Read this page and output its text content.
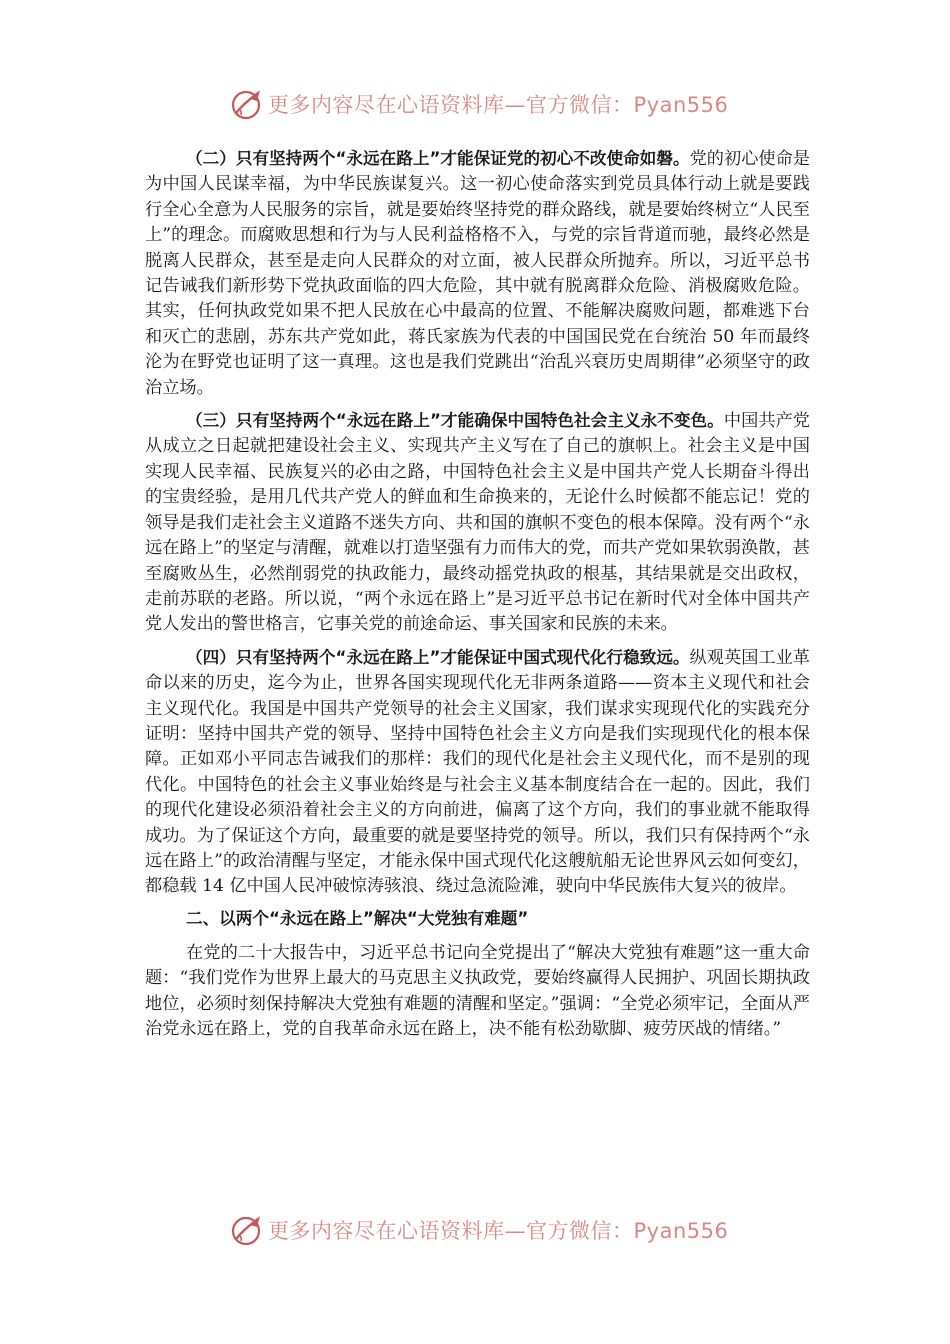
更多内容尽在心语资料库—官方微信：Pyan556

（二）只有坚持两个“永远在路上”才能保证党的初心不改使命如磐。党的初心使命是为中国人民谋幸福，为中华民族谋复兴。这一初心使命落实到党员具体行动上就是要践行全心全意为人民服务的宗旨，就是要始终坚持党的群众路线，就是要始终树立“人民至上”的理念。而腐败思想和行为与人民利益格格不入，与党的宗旨背道而驰，最终必然是脱离人民群众，甚至是走向人民群众的对立面，被人民群众所抛弃。所以，习近平总书记告诫我们新形势下党执政面临的四大危险，其中就有脱离群众危险、消极腐败危险。其实，任何执政党如果不把人民放在心中最高的位置、不能解决腐败问题，都难逃下台和灭亡的悲剧，苏东共产党如此，蒋氏家族为代表的中国国民党在台统治 50 年而最终沦为在野党也证明了这一真理。这也是我们党跳出“治乱兴衰历史周期律”必须坚守的政治立场。

（三）只有坚持两个“永远在路上”才能确保中国特色社会主义永不变色。中国共产党从成立之日起就把建设社会主义、实现共产主义写在了自己的旗帜上。社会主义是中国实现人民幸福、民族复兴的必由之路，中国特色社会主义是中国共产党人长期奋斗得出的宝贵经验，是用几代共产党人的鲜血和生命换来的，无论什么时候都不能忘记！党的领导是我们走社会主义道路不迷失方向、共和国的旗帜不变色的根本保障。没有两个“永远在路上”的坚定与清醒，就难以打造坚强有力而伟大的党，而共产党如果软弱涣散，甚至腐败丛生，必然削弱党的执政能力，最终动摇党执政的根基，其结果就是交出政权，走前苏联的老路。所以说，“两个永远在路上”是习近平总书记在新时代对全体中国共产党人发出的警世格言，它事关党的前途命运、事关国家和民族的未来。

（四）只有坚持两个“永远在路上”才能保证中国式现代化行稳致远。纵观英国工业革命以来的历史，迄今为止，世界各国实现现代化无非两条道路——资本主义现代和社会主义现代化。我国是中国共产党领导的社会主义国家，我们谋求实现现代化的实践充分证明：坚持中国共产党的领导、坚持中国特色社会主义方向是我们实现现代化的根本保障。正如邓小平同志告诫我们的那样：我们的现代化是社会主义现代化，而不是别的现代化。中国特色的社会主义事业始终是与社会主义基本制度结合在一起的。因此，我们的现代化建设必须沿着社会主义的方向前进，偏离了这个方向，我们的事业就不能取得成功。为了保证这个方向，最重要的就是要坚持党的领导。所以，我们只有保持两个“永远在路上”的政治清醒与坚定，才能永保中国式现代化这艘航船无论世界风云如何变幻，都稳载 14 亿中国人民冲破惊涛骇浪、绕过急流险滩，驶向中华民族伟大复兴的彼岸。

二、以两个“永远在路上”解决“大党独有难题”

在党的二十大报告中，习近平总书记向全党提出了“解决大党独有难题”这一重大命题：“我们党作为世界上最大的马克思主义执政党，要始终赢得人民拥护、巩固长期执政地位，必须时刻保持解决大党独有难题的清醒和坚定。”强调：“全党必须牢记，全面从严治党永远在路上，党的自我革命永远在路上，决不能有松劲歇脚、疲劳厌战的情绪。”

更多内容尽在心语资料库—官方微信：Pyan556
